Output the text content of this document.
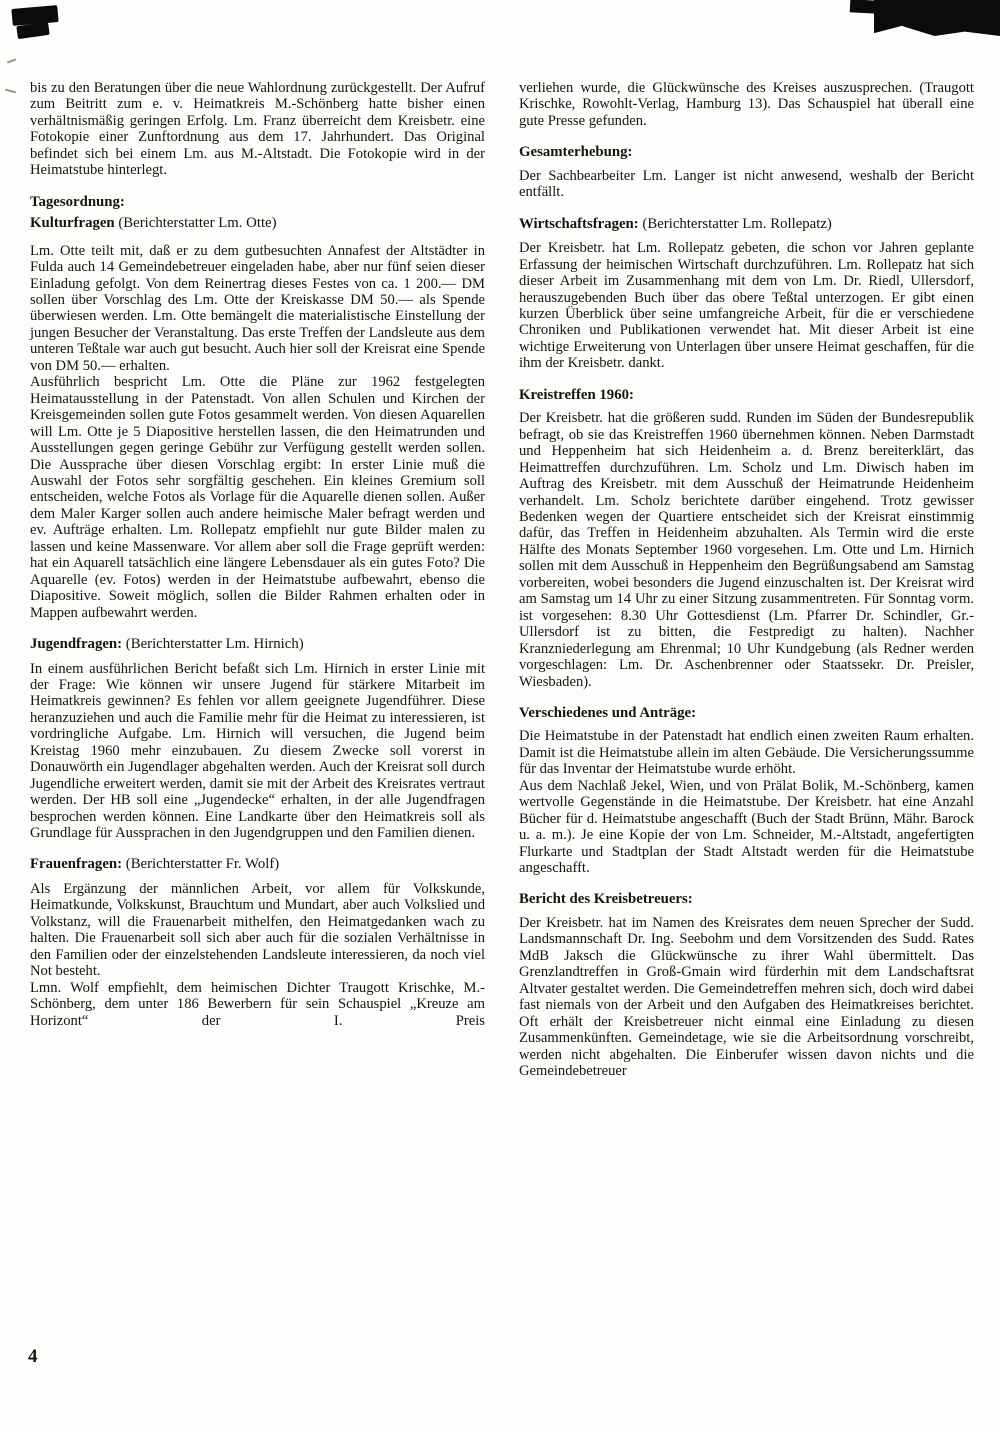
bis zu den Beratungen über die neue Wahlordnung zurückgestellt. Der Aufruf zum Beitritt zum e. v. Heimatkreis M.-Schönberg hatte bisher einen verhältnismäßig geringen Erfolg. Lm. Franz überreicht dem Kreisbetr. eine Fotokopie einer Zunftordnung aus dem 17. Jahrhundert. Das Original befindet sich bei einem Lm. aus M.-Altstadt. Die Fotokopie wird in der Heimatstube hinterlegt.

Tagesordnung:
Kulturfragen (Berichterstatter Lm. Otte)

Lm. Otte teilt mit, daß er zu dem gutbesuchten Annafest der Altstädter in Fulda auch 14 Gemeindebetreuer eingeladen habe, aber nur fünf seien dieser Einladung gefolgt. Von dem Reinertrag dieses Festes von ca. 1 200.— DM sollen über Vorschlag des Lm. Otte der Kreiskasse DM 50.— als Spende überwiesen werden. Lm. Otte bemängelt die materialistische Einstellung der jungen Besucher der Veranstaltung. Das erste Treffen der Landsleute aus dem unteren Teßtale war auch gut besucht. Auch hier soll der Kreisrat eine Spende von DM 50.— erhalten.

Ausführlich bespricht Lm. Otte die Pläne zur 1962 festgelegten Heimatausstellung in der Patenstadt. Von allen Schulen und Kirchen der Kreisgemeinden sollen gute Fotos gesammelt werden. Von diesen Aquarellen will Lm. Otte je 5 Diapositive herstellen lassen, die den Heimatrunden und Ausstellungen gegen geringe Gebühr zur Verfügung gestellt werden sollen. Die Aussprache über diesen Vorschlag ergibt: In erster Linie muß die Auswahl der Fotos sehr sorgfältig geschehen. Ein kleines Gremium soll entscheiden, welche Fotos als Vorlage für die Aquarelle dienen sollen. Außer dem Maler Karger sollen auch andere heimische Maler befragt werden und ev. Aufträge erhalten. Lm. Rollepatz empfiehlt nur gute Bilder malen zu lassen und keine Massenware. Vor allem aber soll die Frage geprüft werden: hat ein Aquarell tatsächlich eine längere Lebensdauer als ein gutes Foto? Die Aquarelle (ev. Fotos) werden in der Heimatstube aufbewahrt, ebenso die Diapositive. Soweit möglich, sollen die Bilder Rahmen erhalten oder in Mappen aufbewahrt werden.

Jugendfragen: (Berichterstatter Lm. Hirnich)

In einem ausführlichen Bericht befaßt sich Lm. Hirnich in erster Linie mit der Frage: Wie können wir unsere Jugend für stärkere Mitarbeit im Heimatkreis gewinnen? Es fehlen vor allem geeignete Jugendführer. Diese heranzuziehen und auch die Familie mehr für die Heimat zu interessieren, ist vordringliche Aufgabe. Lm. Hirnich will versuchen, die Jugend beim Kreistag 1960 mehr einzubauen. Zu diesem Zwecke soll vorerst in Donauwörth ein Jugendlager abgehalten werden. Auch der Kreisrat soll durch Jugendliche erweitert werden, damit sie mit der Arbeit des Kreisrates vertraut werden. Der HB soll eine „Jugendecke“ erhalten, in der alle Jugendfragen besprochen werden können. Eine Landkarte über den Heimatkreis soll als Grundlage für Aussprachen in den Jugendgruppen und den Familien dienen.

Frauenfragen: (Berichterstatter Fr. Wolf)

Als Ergänzung der männlichen Arbeit, vor allem für Volkskunde, Heimatkunde, Volkskunst, Brauchtum und Mundart, aber auch Volkslied und Volkstanz, will die Frauenarbeit mithelfen, den Heimatgedanken wach zu halten. Die Frauenarbeit soll sich aber auch für die sozialen Verhältnisse in den Familien oder der einzelstehenden Landsleute interessieren, da noch viel Not besteht.

Lmn. Wolf empfiehlt, dem heimischen Dichter Traugott Krischke, M.-Schönberg, dem unter 186 Bewerbern für sein Schauspiel „Kreuze am Horizont“ der I. Preis

verliehen wurde, die Glückwünsche des Kreises auszusprechen. (Traugott Krischke, Rowohlt-Verlag, Hamburg 13). Das Schauspiel hat überall eine gute Presse gefunden.

Gesamterhebung:

Der Sachbearbeiter Lm. Langer ist nicht anwesend, weshalb der Bericht entfällt.

Wirtschaftsfragen: (Berichterstatter Lm. Rollepatz)

Der Kreisbetr. hat Lm. Rollepatz gebeten, die schon vor Jahren geplante Erfassung der heimischen Wirtschaft durchzuführen. Lm. Rollepatz hat sich dieser Arbeit im Zusammenhang mit dem von Lm. Dr. Riedl, Ullersdorf, herauszugebenden Buch über das obere Teßtal unterzogen. Er gibt einen kurzen Überblick über seine umfangreiche Arbeit, für die er verschiedene Chroniken und Publikationen verwendet hat. Mit dieser Arbeit ist eine wichtige Erweiterung von Unterlagen über unsere Heimat geschaffen, für die ihm der Kreisbetr. dankt.

Kreistreffen 1960:

Der Kreisbetr. hat die größeren sudd. Runden im Süden der Bundesrepublik befragt, ob sie das Kreistreffen 1960 übernehmen können. Neben Darmstadt und Heppenheim hat sich Heidenheim a. d. Brenz bereiterklärt, das Heimattreffen durchzuführen. Lm. Scholz und Lm. Diwisch haben im Auftrag des Kreisbetr. mit dem Ausschuß der Heimatrunde Heidenheim verhandelt. Lm. Scholz berichtete darüber eingehend. Trotz gewisser Bedenken wegen der Quartiere entscheidet sich der Kreisrat einstimmig dafür, das Treffen in Heidenheim abzuhalten. Als Termin wird die erste Hälfte des Monats September 1960 vorgesehen. Lm. Otte und Lm. Hirnich sollen mit dem Ausschuß in Heppenheim den Begrüßungsabend am Samstag vorbereiten, wobei besonders die Jugend einzuschalten ist. Der Kreisrat wird am Samstag um 14 Uhr zu einer Sitzung zusammentreten. Für Sonntag vorm. ist vorgesehen: 8.30 Uhr Gottesdienst (Lm. Pfarrer Dr. Schindler, Gr.-Ullersdorf ist zu bitten, die Festpredigt zu halten). Nachher Kranzniederlegung am Ehrenmal; 10 Uhr Kundgebung (als Redner werden vorgeschlagen: Lm. Dr. Aschenbrenner oder Staatssekr. Dr. Preisler, Wiesbaden).

Verschiedenes und Anträge:

Die Heimatstube in der Patenstadt hat endlich einen zweiten Raum erhalten. Damit ist die Heimatstube allein im alten Gebäude. Die Versicherungssumme für das Inventar der Heimatstube wurde erhöht.

Aus dem Nachlaß Jekel, Wien, und von Prälat Bolik, M.-Schönberg, kamen wertvolle Gegenstände in die Heimatstube. Der Kreisbetr. hat eine Anzahl Bücher für d. Heimatstube angeschafft (Buch der Stadt Brünn, Mähr. Barock u. a. m.). Je eine Kopie der von Lm. Schneider, M.-Altstadt, angefertigten Flurkarte und Stadtplan der Stadt Altstadt werden für die Heimatstube angeschafft.

Bericht des Kreisbetreuers:

Der Kreisbetr. hat im Namen des Kreisrates dem neuen Sprecher der Sudd. Landsmannschaft Dr. Ing. Seebohm und dem Vorsitzenden des Sudd. Rates MdB Jaksch die Glückwünsche zu ihrer Wahl übermittelt. Das Grenzlandtreffen in Groß-Gmain wird fürderhin mit dem Landschaftsrat Altvater gestaltet werden. Die Gemeindetreffen mehren sich, doch wird dabei fast niemals von der Arbeit und den Aufgaben des Heimatkreises berichtet. Oft erhält der Kreisbetreuer nicht einmal eine Einladung zu diesen Zusammenkünften. Gemeindetage, wie sie die Arbeitsordnung vorschreibt, werden nicht abgehalten. Die Einberufer wissen davon nichts und die Gemeindebetreuer

4
